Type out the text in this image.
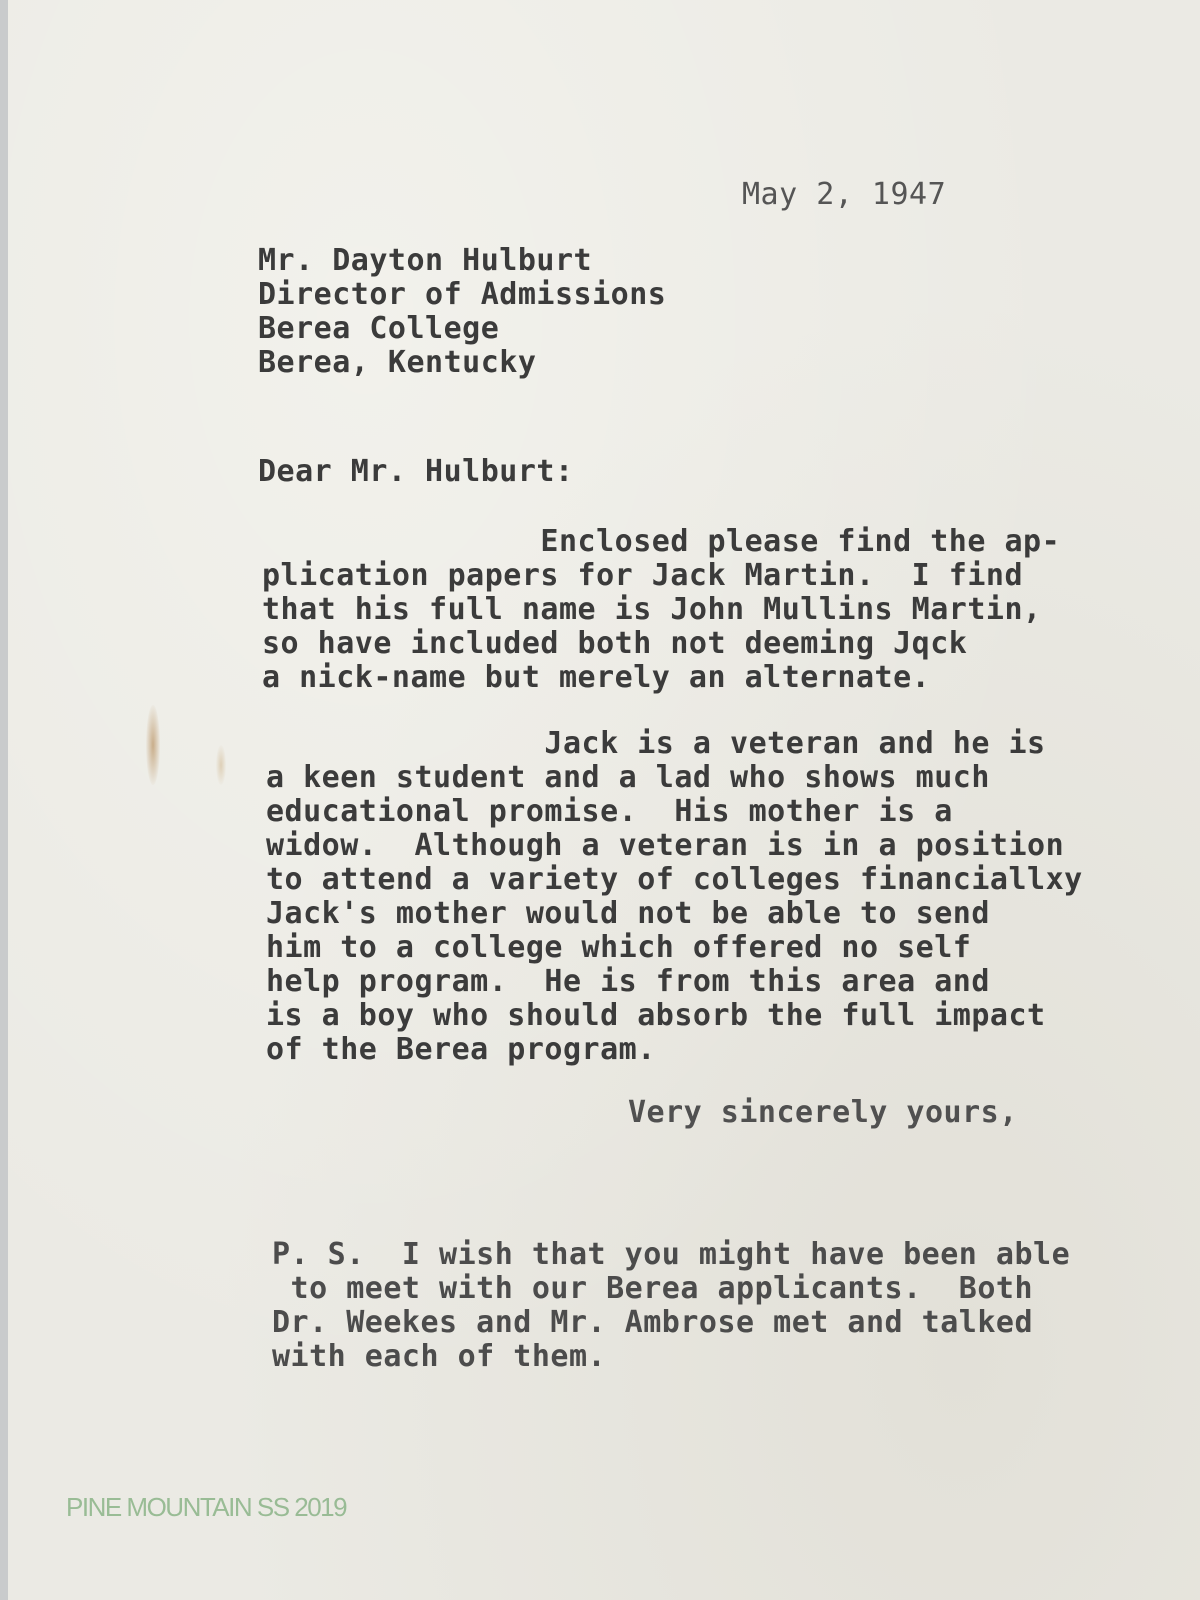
May 2, 1947
Mr. Dayton Hulburt
Director of Admissions
Berea College
Berea, Kentucky
Dear Mr. Hulburt:
Enclosed please find the ap-
plication papers for Jack Martin.  I find
that his full name is John Mullins Martin,
so have included both not deeming Jqck
a nick-name but merely an alternate.
Jack is a veteran and he is
a keen student and a lad who shows much
educational promise.  His mother is a
widow.  Although a veteran is in a position
to attend a variety of colleges financiallxy
Jack's mother would not be able to send
him to a college which offered no self
help program.  He is from this area and
is a boy who should absorb the full impact
of the Berea program.
Very sincerely yours,
P. S.  I wish that you might have been able
to meet with our Berea applicants.  Both
Dr. Weekes and Mr. Ambrose met and talked
with each of them.
PINE MOUNTAIN SS 2019
